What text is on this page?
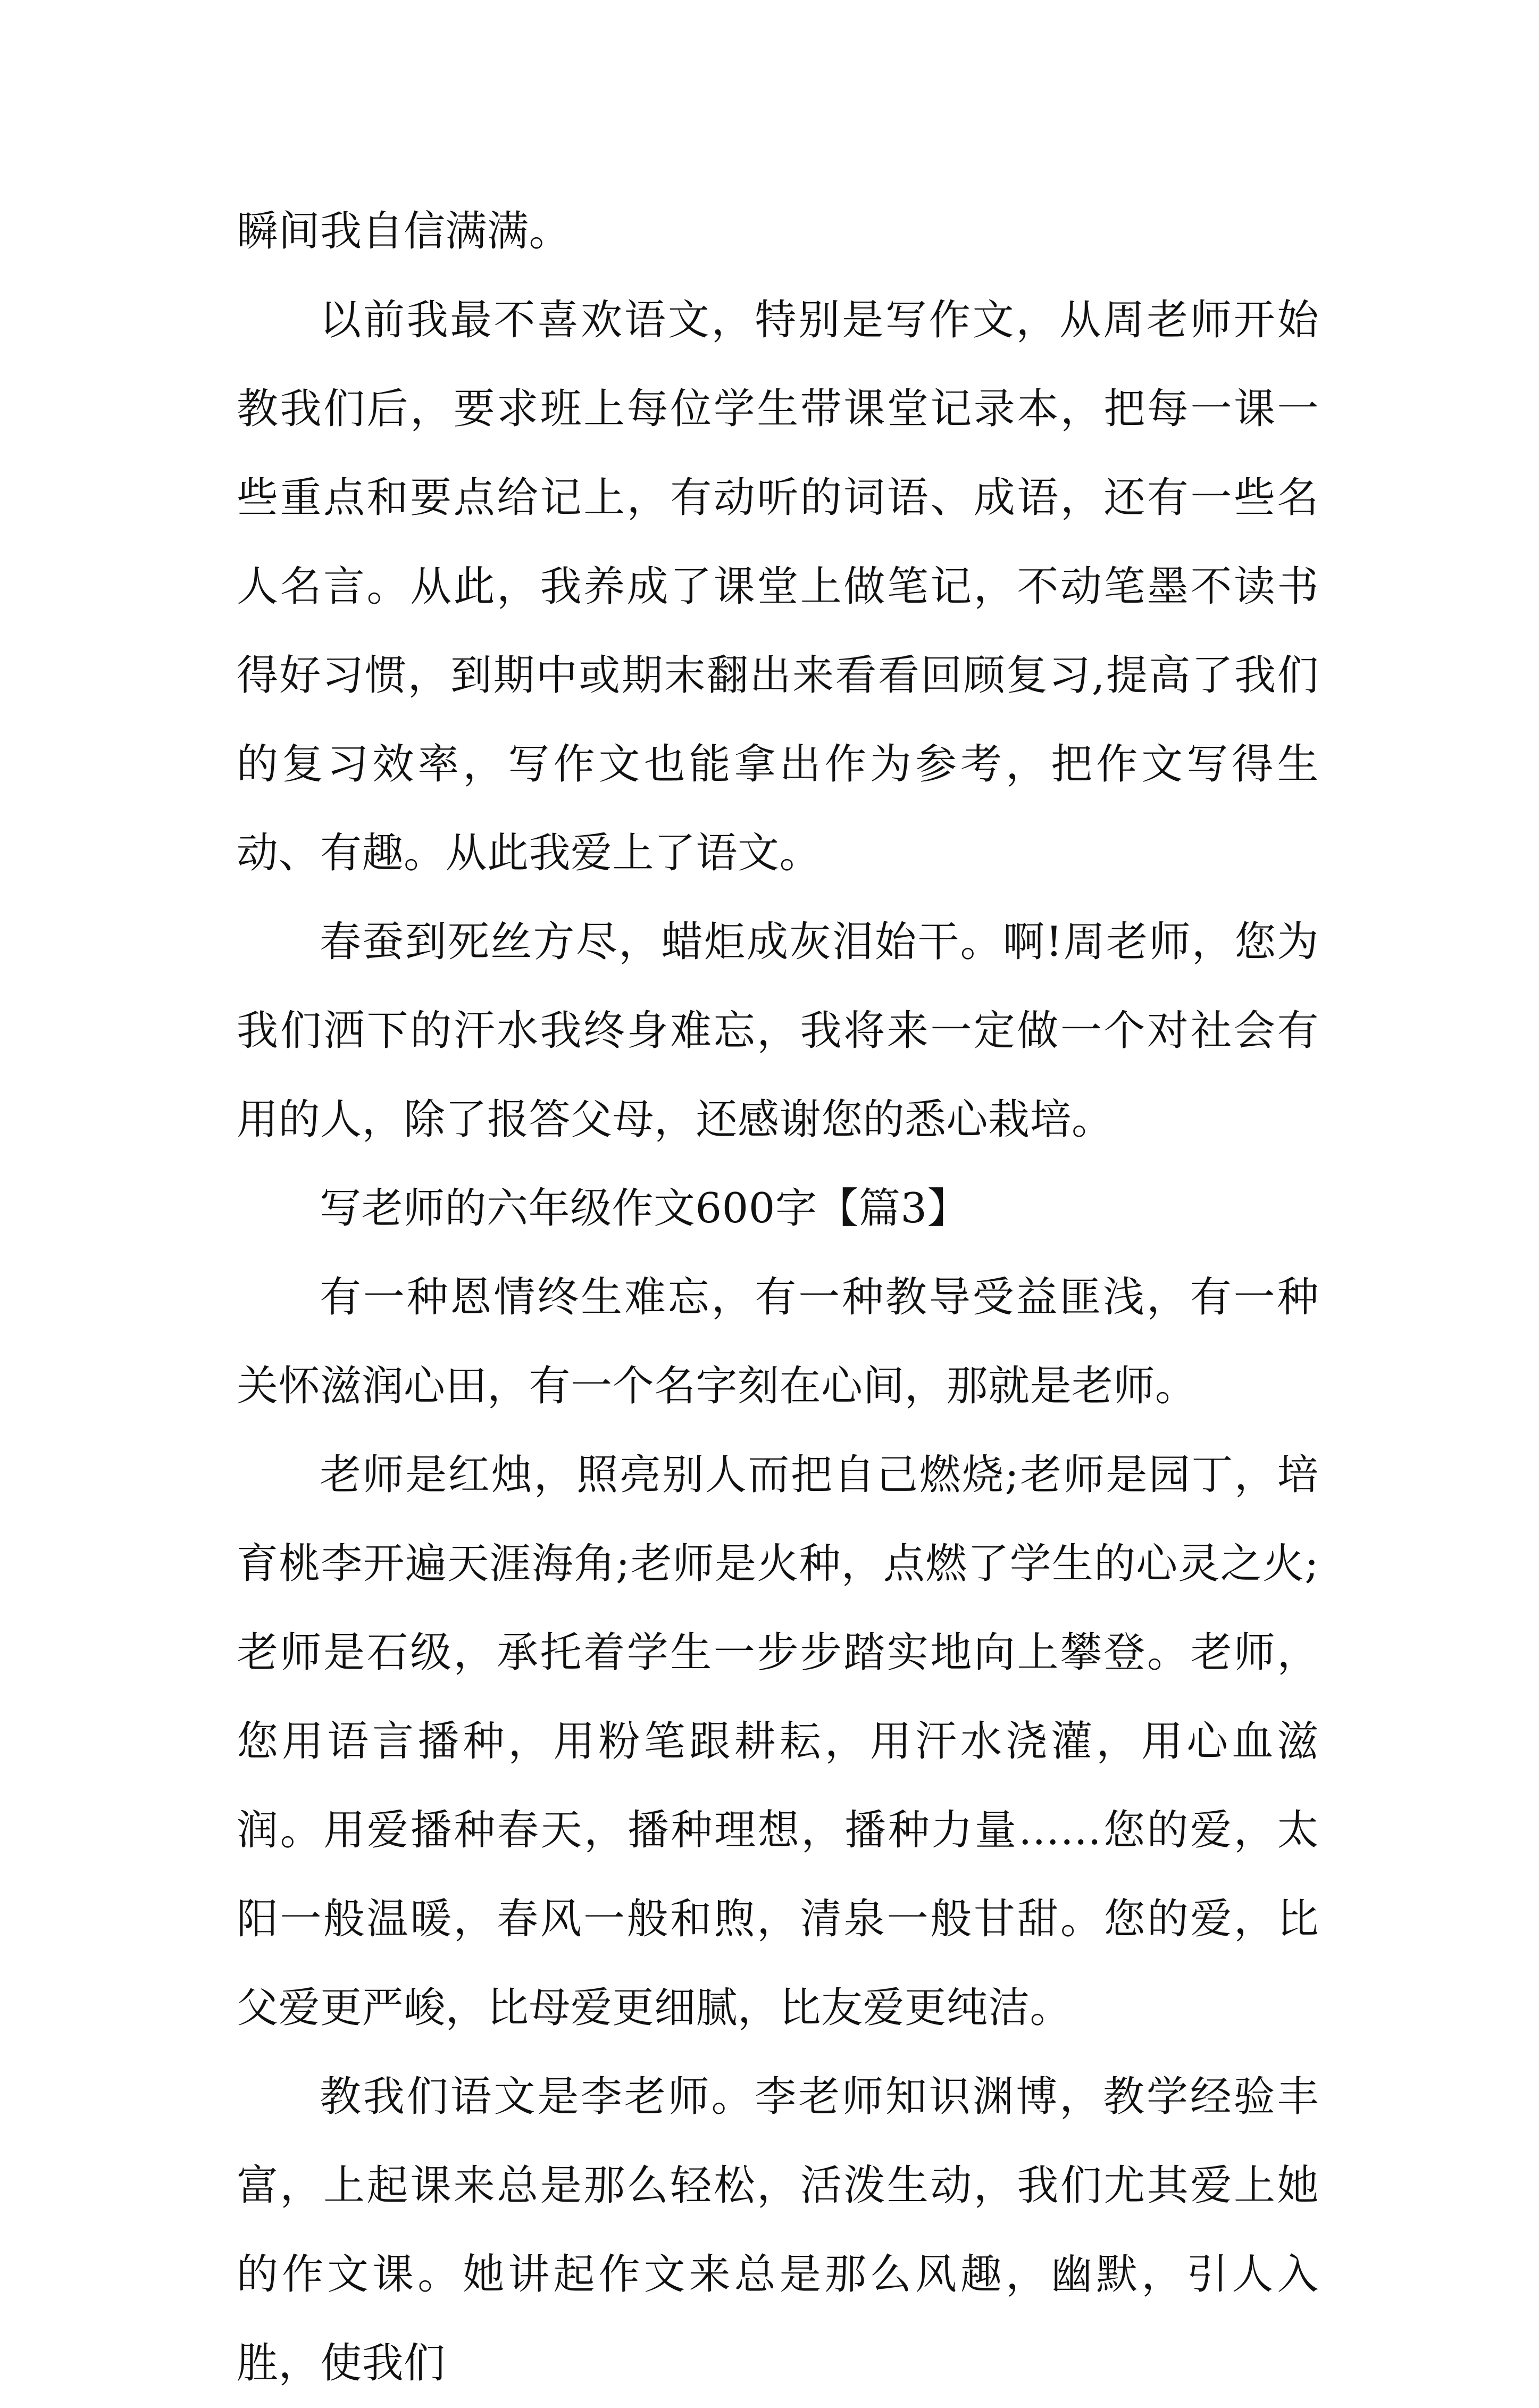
瞬间我自信满满。

以前我最不喜欢语文，特别是写作文，从周老师开始教我们后，要求班上每位学生带课堂记录本，把每一课一些重点和要点给记上，有动听的词语、成语，还有一些名人名言。从此，我养成了课堂上做笔记，不动笔墨不读书得好习惯，到期中或期末翻出来看看回顾复习,提高了我们的复习效率，写作文也能拿出作为参考，把作文写得生动、有趣。从此我爱上了语文。

春蚕到死丝方尽，蜡炬成灰泪始干。啊!周老师，您为我们洒下的汗水我终身难忘，我将来一定做一个对社会有用的人，除了报答父母，还感谢您的悉心栽培。

写老师的六年级作文600字【篇3】

有一种恩情终生难忘，有一种教导受益匪浅，有一种关怀滋润心田，有一个名字刻在心间，那就是老师。

老师是红烛，照亮别人而把自己燃烧;老师是园丁，培育桃李开遍天涯海角;老师是火种，点燃了学生的心灵之火;老师是石级，承托着学生一步步踏实地向上攀登。老师，您用语言播种，用粉笔跟耕耘，用汗水浇灌，用心血滋润。用爱播种春天，播种理想，播种力量……您的爱，太阳一般温暖，春风一般和煦，清泉一般甘甜。您的爱，比父爱更严峻，比母爱更细腻，比友爱更纯洁。

教我们语文是李老师。李老师知识渊博，教学经验丰富，上起课来总是那么轻松，活泼生动，我们尤其爱上她的作文课。她讲起作文来总是那么风趣，幽默，引人入胜，使我们
